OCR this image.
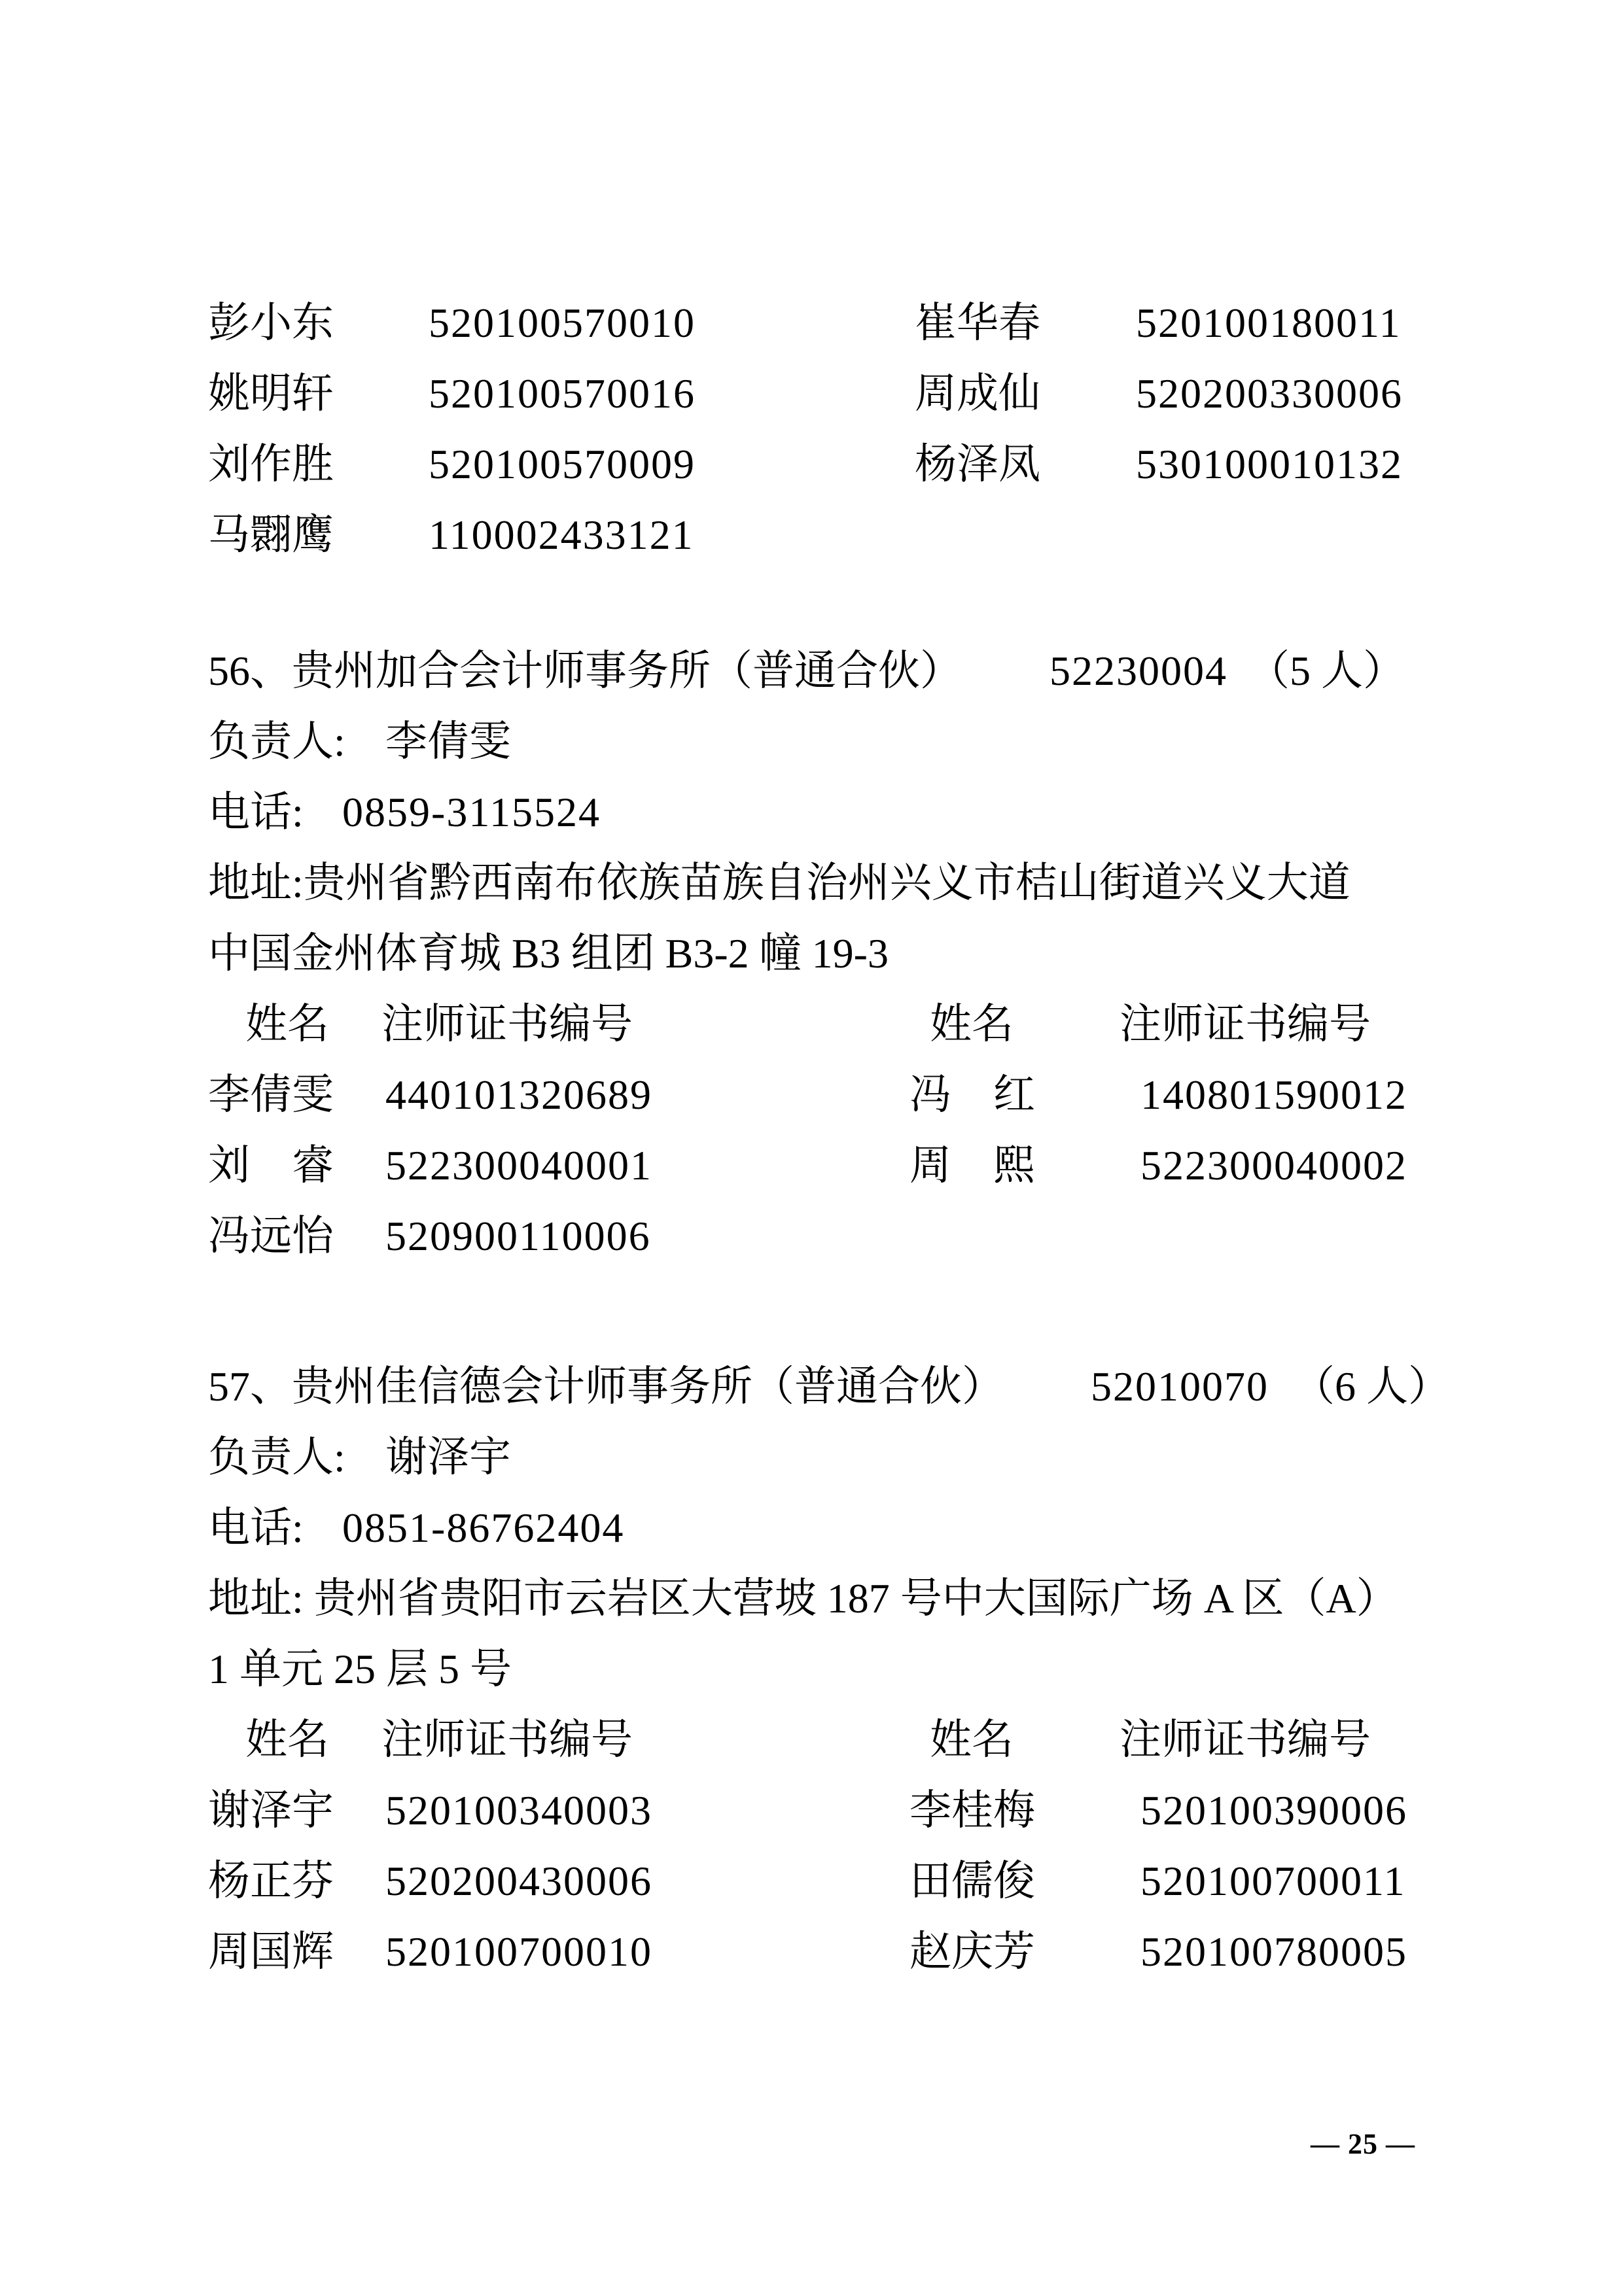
彭小东	520100570010	崔华春	520100180011
姚明轩	520100570016	周成仙	520200330006
刘作胜	520100570009	杨泽凤	530100010132
马翾鹰	110002433121
56、贵州加合会计师事务所（普通合伙） 52230004 （5 人）
负责人: 李倩雯
电话: 0859-3115524
地址:贵州省黔西南布依族苗族自治州兴义市桔山街道兴义大道
中国金州体育城 B3 组团 B3-2 幢 19-3
姓名	注师证书编号	姓名	注师证书编号
李倩雯	440101320689	冯　红	140801590012
刘　睿	522300040001	周　熙	522300040002
冯远怡	520900110006
57、贵州佳信德会计师事务所（普通合伙） 52010070 （6 人）
负责人: 谢泽宇
电话: 0851-86762404
地址: 贵州省贵阳市云岩区大营坡 187 号中大国际广场 A 区（A）
1 单元 25 层 5 号
姓名	注师证书编号	姓名	注师证书编号
谢泽宇	520100340003	李桂梅	520100390006
杨正芬	520200430006	田儒俊	520100700011
周国辉	520100700010	赵庆芳	520100780005
— 25 —
